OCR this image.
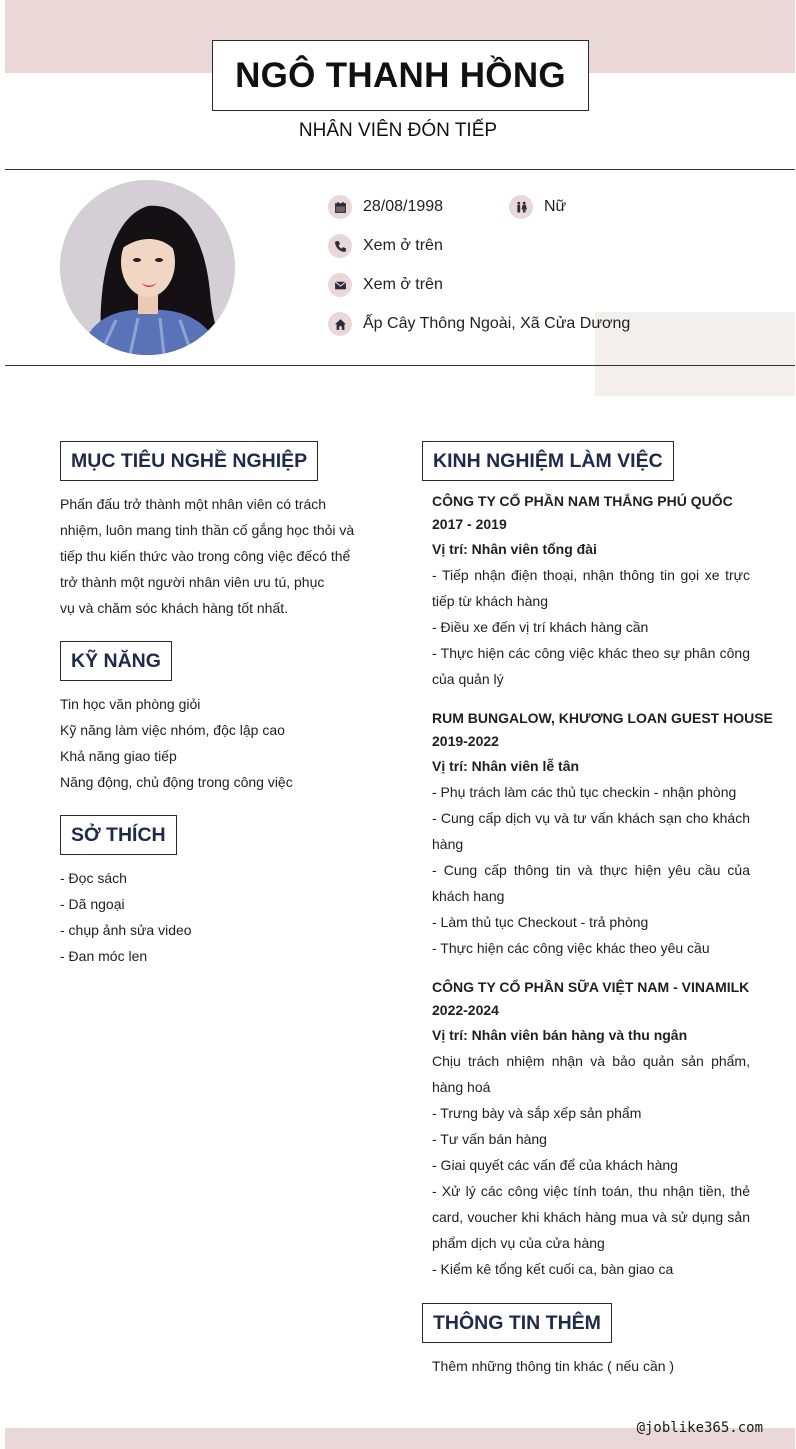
NGÔ THANH HỒNG
NHÂN VIÊN ĐÓN TIẾP
28/08/1998	Nữ
Xem ở trên
Xem ở trên
Ấp Cây Thông Ngoài, Xã Cửa Dương
MỤC TIÊU NGHỀ NGHIỆP
Phấn đấu trở thành một nhân viên có trách
nhiệm, luôn mang tinh thần cố gắng học thỏi và
tiếp thu kiến thức vào trong công việc đếcó thể
trở thành một người nhân viên ưu tú, phục
vụ và chăm sóc khách hàng tốt nhất.
KỸ NĂNG
Tin học văn phòng giỏi
Kỹ năng làm việc nhóm, độc lập cao
Khả năng giao tiếp
Năng động, chủ động trong công việc
SỞ THÍCH
- Đọc sách
- Dã ngoại
- chụp ảnh sửa video
- Đan móc len
KINH NGHIỆM LÀM VIỆC
CÔNG TY CỔ PHẦN NAM THẮNG PHÚ QUỐC
2017 - 2019
Vị trí: Nhân viên tổng đài
- Tiếp nhận điện thoại, nhận thông tin gọi xe trực tiếp từ khách hàng
- Điều xe đến vị trí khách hàng cần
- Thực hiện các công việc khác theo sự phân công của quản lý
RUM BUNGALOW, KHƯƠNG LOAN GUEST HOUSE
2019-2022
Vị trí: Nhân viên lễ tân
- Phụ trách làm các thủ tục checkin - nhận phòng
- Cung cấp dịch vụ và tư vấn khách sạn cho khách hàng
- Cung cấp thông tin và thực hiện yêu cầu của khách hang
- Làm thủ tục Checkout - trả phòng
- Thực hiện các công việc khác theo yêu cầu
CÔNG TY CỔ PHẦN SỮA VIỆT NAM - VINAMILK
2022-2024
Vị trí: Nhân viên bán hàng và thu ngân
Chịu trách nhiệm nhận và bảo quản sản phẩm, hàng hoá
- Trưng bày và sắp xếp sản phẩm
- Tư vấn bán hàng
- Giai quyết các vấn để của khách hàng
- Xử lý các công việc tính toán, thu nhận tiền, thẻ card, voucher khi khách hàng mua và sử dụng sản phẩm dịch vụ của cửa hàng
- Kiểm kê tổng kết cuối ca, bàn giao ca
THÔNG TIN THÊM
Thêm những thông tin khác ( nếu cần )
@joblike365.com
